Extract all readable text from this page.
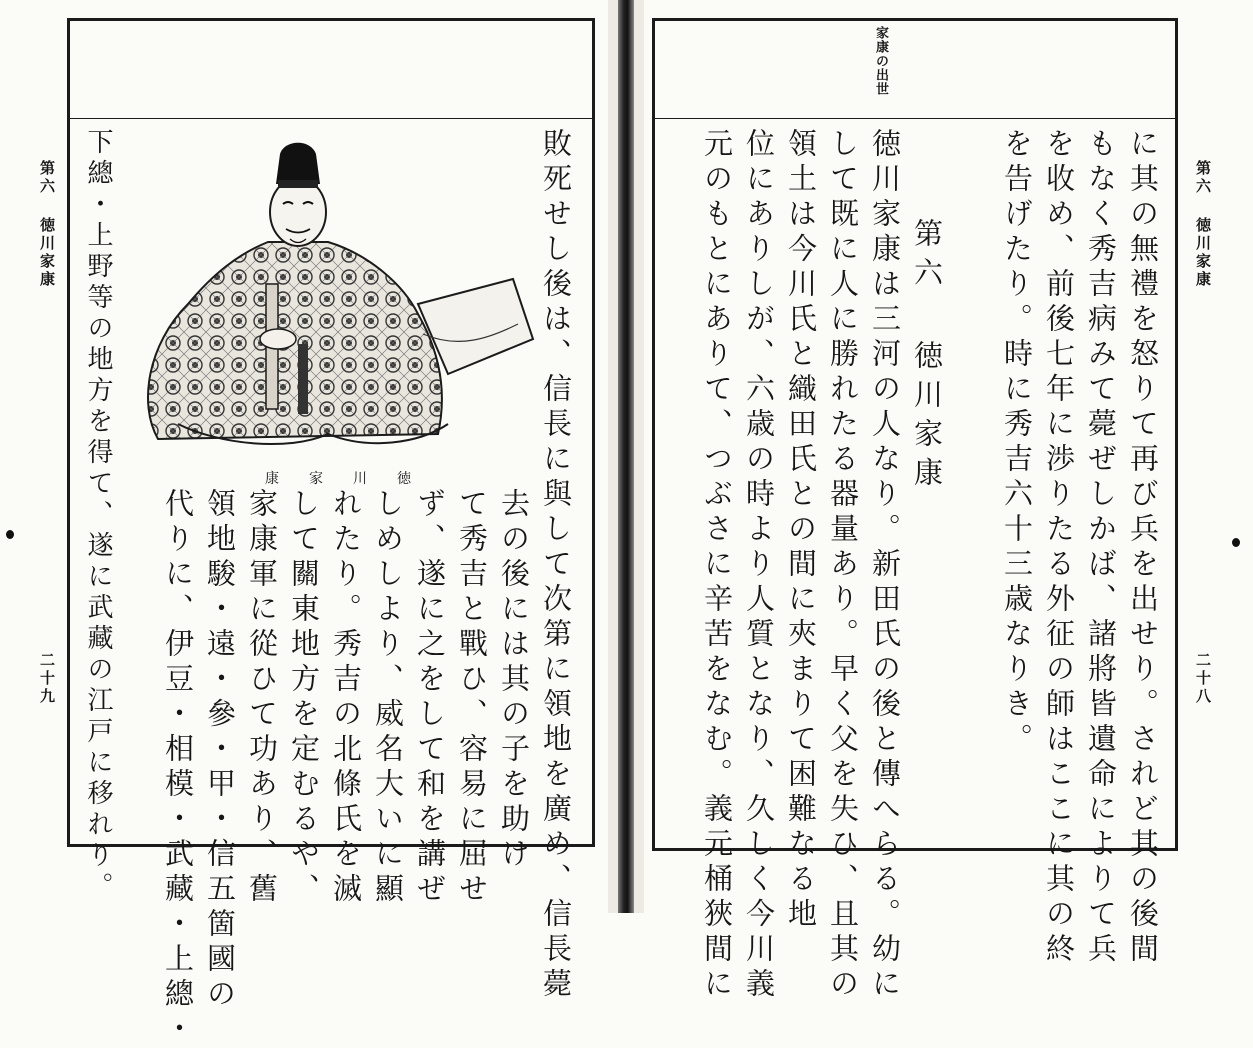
第六 徳川家康
二十九
康家川徳	敗死せし後は、信長に與して次第に領地を廣め、信長薨
去の後には其の子を助け
て秀吉と戰ひ、容易に屈せ
ず、遂に之をして和を講ぜ
しめしより、威名大いに顯
れたり。秀吉の北條氏を滅
して關東地方を定むるや、
家康軍に從ひて功あり、舊
領地駿・遠・參・甲・信五箇國の
代りに、伊豆・相模・武藏・上總・
下總・上野等の地方を得て、遂に武藏の江戸に移れり。
家康の出世
第六 徳川家康
二十八
に其の無禮を怒りて再び兵を出せり。されど其の後間
もなく秀吉病みて薨ぜしかば、諸將皆遺命によりて兵
を收め、前後七年に渉りたる外征の師はここに其の終
を告げたり。時に秀吉六十三歳なりき。
第六 徳川家康
徳川家康は三河の人なり。新田氏の後と傳へらる。幼に
して既に人に勝れたる器量あり。早く父を失ひ、且其の
領土は今川氏と織田氏との間に夾まりて困難なる地
位にありしが、六歳の時より人質となり、久しく今川義
元のもとにありて、つぶさに辛苦をなむ。義元桶狹間に
